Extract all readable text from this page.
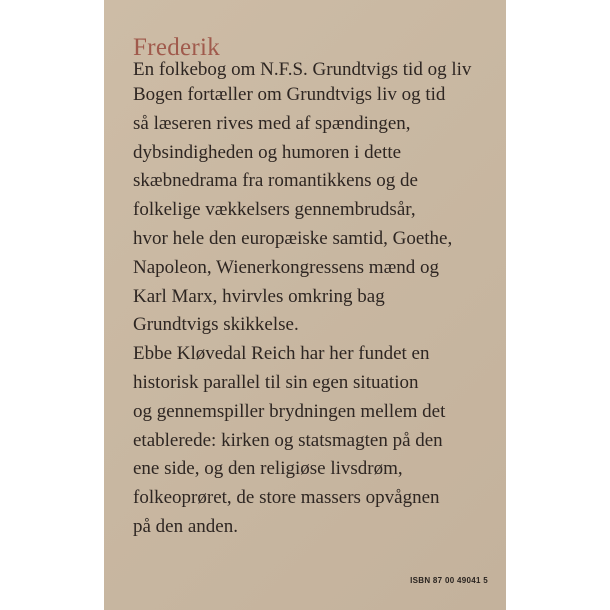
Frederik
En folkebog om N.F.S. Grundtvigs tid og liv
Bogen fortæller om Grundtvigs liv og tid
så læseren rives med af spændingen,
dybsindigheden og humoren i dette
skæbnedrama fra romantikkens og de
folkelige vækkelsers gennembrudsår,
hvor hele den europæiske samtid, Goethe,
Napoleon, Wienerkongressens mænd og
Karl Marx, hvirvles omkring bag
Grundtvigs skikkelse.
Ebbe Kløvedal Reich har her fundet en
historisk parallel til sin egen situation
og gennemspiller brydningen mellem det
etablerede: kirken og statsmagten på den
ene side, og den religiøse livsdrøm,
folkeoprøret, de store massers opvågnen
på den anden.
ISBN 87 00 49041 5
